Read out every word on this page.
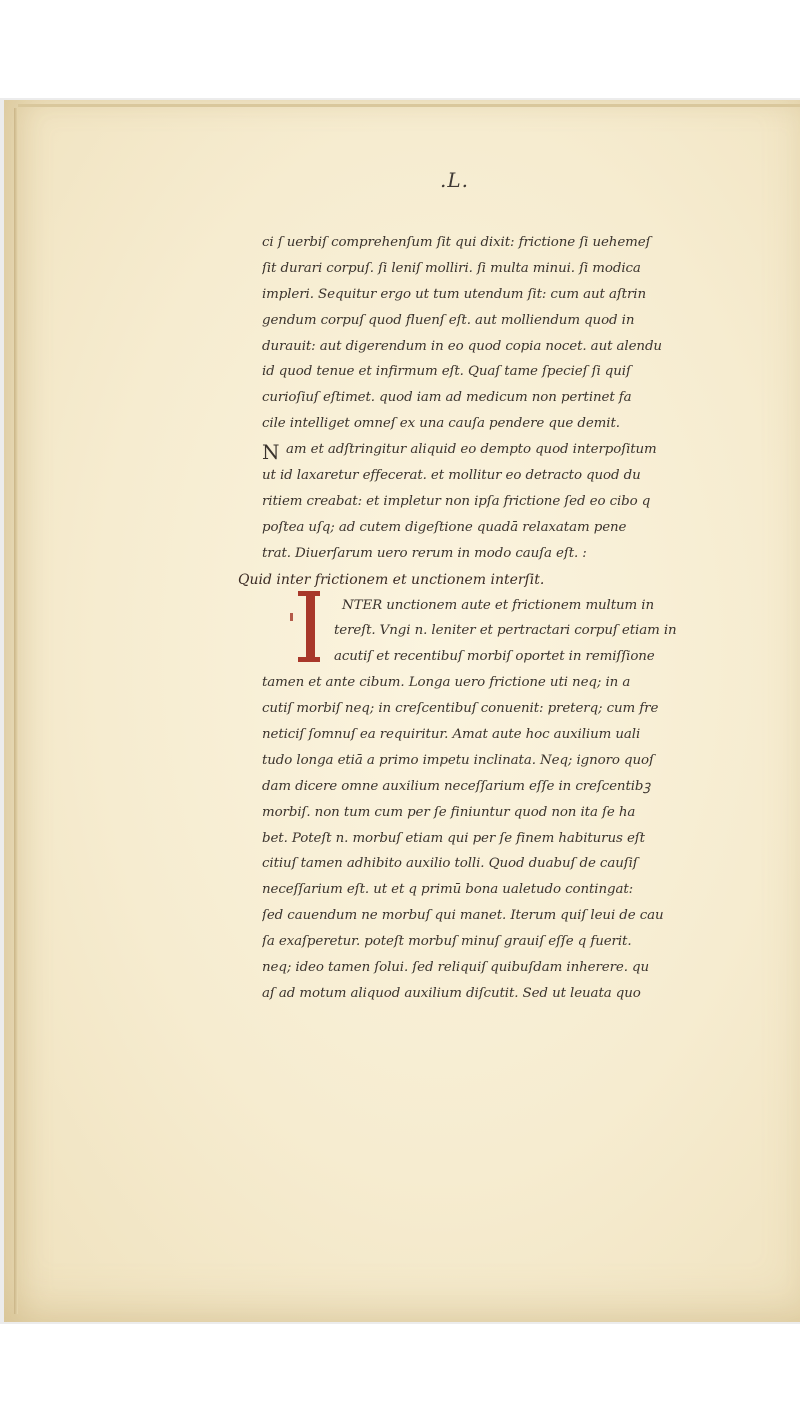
.L.
N
ci ſ uerbiſ comprehenſum ſit qui dixit: frictione ſi uehemeſ
ſit durari corpuſ. ſi leniſ molliri. ſi multa minui. ſi modica
impleri. Sequitur ergo ut tum utendum ſit: cum aut aſtrin
gendum corpuſ quod fluenſ eſt. aut molliendum quod in
durauit: aut digerendum in eo quod copia nocet. aut alendu
id quod tenue et infirmum eſt. Quaſ tame ſpecieſ ſi quiſ
curioſiuſ eſtimet. quod iam ad medicum non pertinet fa
cile intelliget omneſ ex una cauſa pendere que demit.
am et adſtringitur aliquid eo dempto quod interpoſitum
ut id laxaretur effecerat. et mollitur eo detracto quod du
ritiem creabat: et impletur non ipſa frictione ſed eo cibo q
poſtea uſq; ad cutem digeſtione quadā relaxatam pene
trat. Diuerſarum uero rerum in modo cauſa eſt. :
Quid inter frictionem et unctionem interſit.
NTER unctionem aute et frictionem multum in
tereſt. Vngi n. leniter et pertractari corpuſ etiam in
acutiſ et recentibuſ morbiſ oportet in remiſſione
tamen et ante cibum. Longa uero frictione uti neq; in a
cutiſ morbiſ neq; in creſcentibuſ conuenit: preterq; cum fre
neticiſ ſomnuſ ea requiritur. Amat aute hoc auxilium uali
tudo longa etiā a primo impetu inclinata. Neq; ignoro quoſ
dam dicere omne auxilium neceſſarium eſſe in creſcentibꝫ
morbiſ. non tum cum per ſe finiuntur quod non ita ſe ha
bet. Poteſt n. morbuſ etiam qui per ſe finem habiturus eſt
citiuſ tamen adhibito auxilio tolli. Quod duabuſ de cauſiſ
neceſſarium eſt. ut et q primū bona ualetudo contingat:
ſed cauendum ne morbuſ qui manet. Iterum quiſ leui de cau
ſa exaſperetur. poteſt morbuſ minuſ grauiſ eſſe q fuerit.
neq; ideo tamen ſolui. ſed reliquiſ quibuſdam inherere. qu
aſ ad motum aliquod auxilium diſcutit. Sed ut leuata quo
